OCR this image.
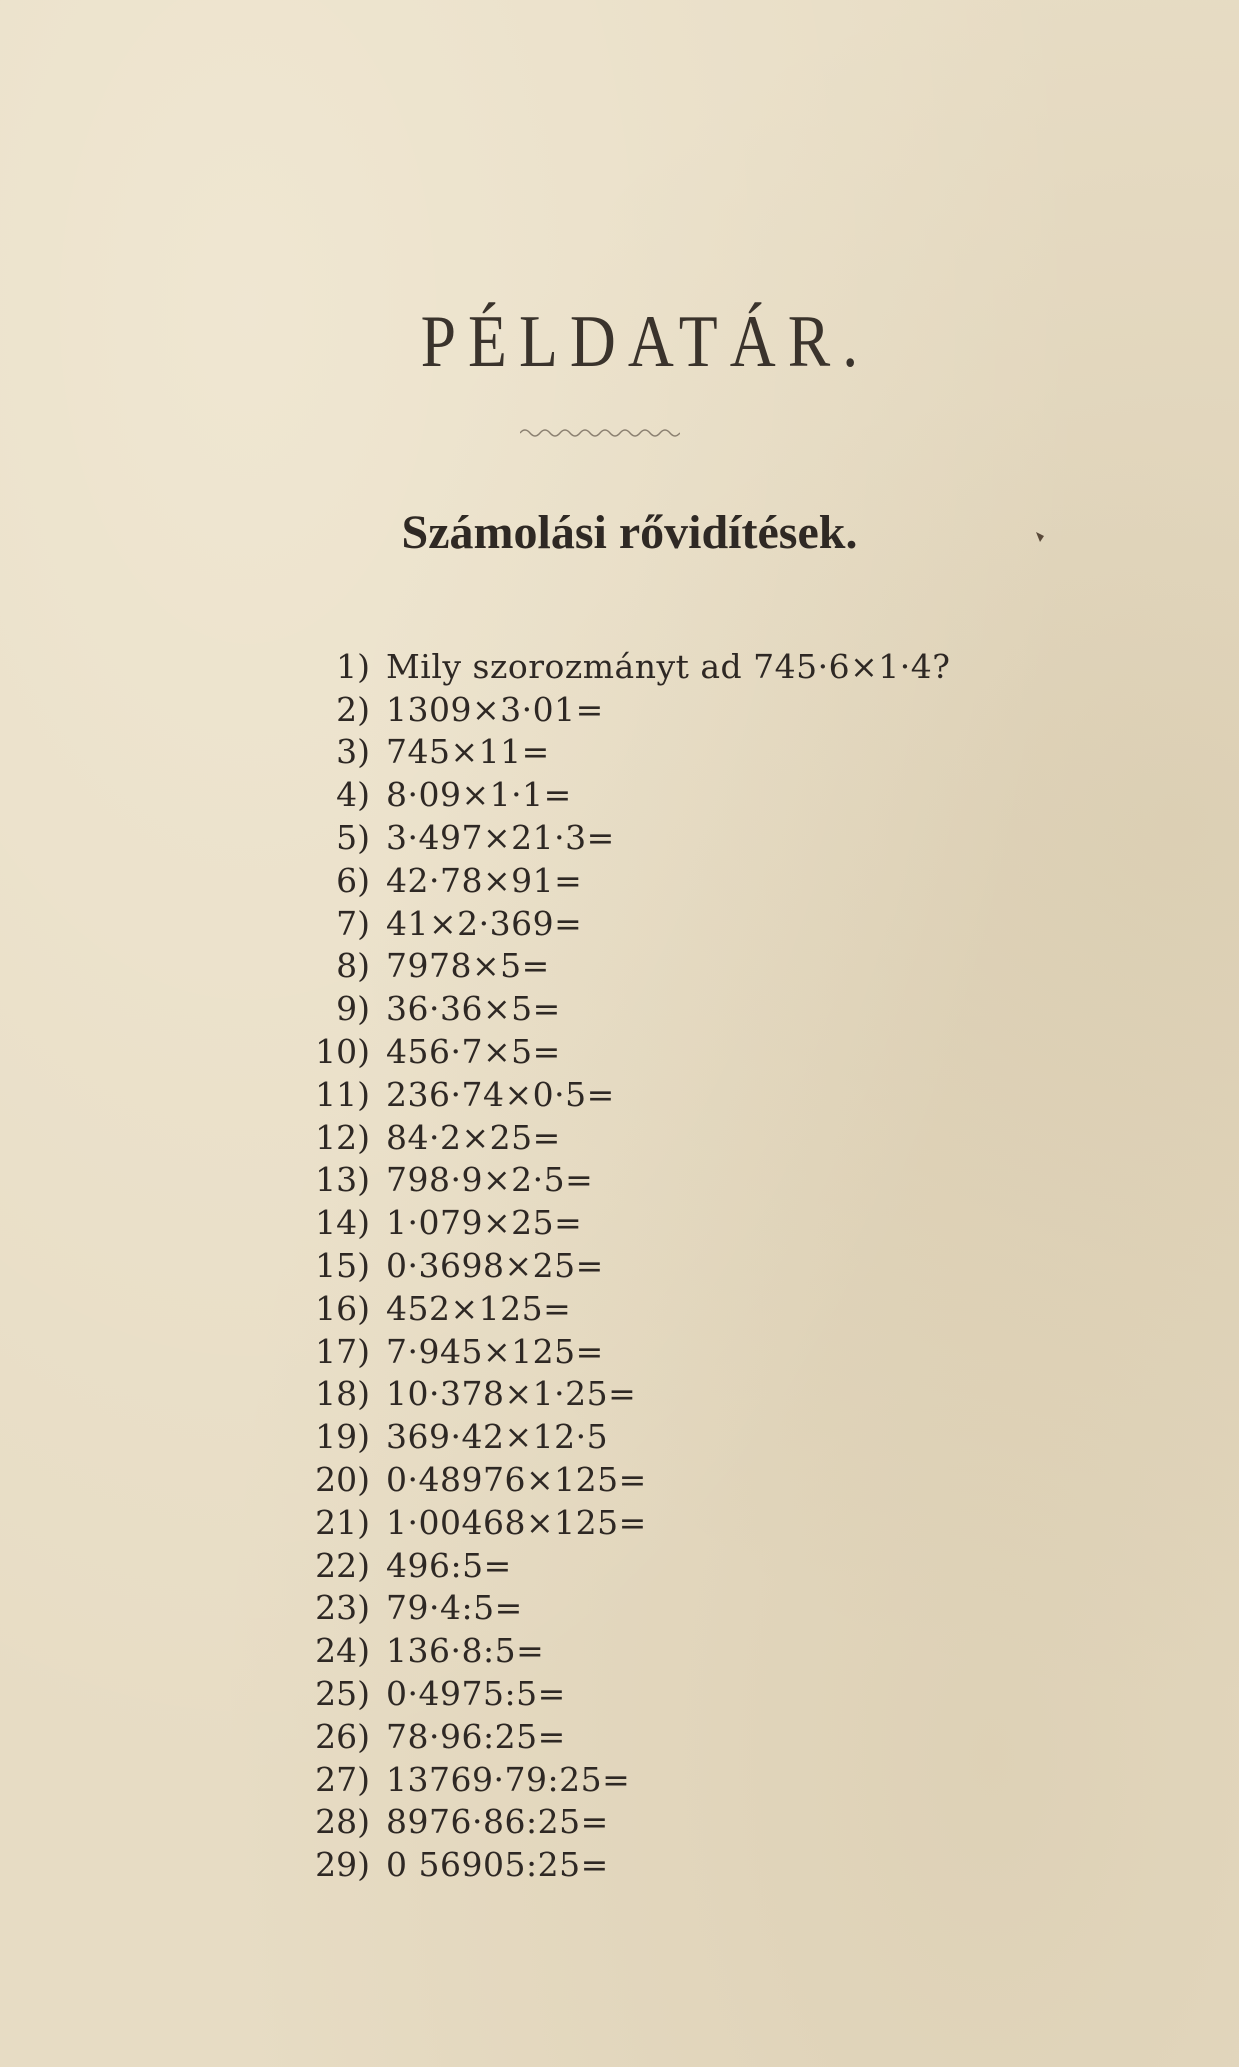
PÉLDATÁR.
Számolási rővidítések.
1) Mily szorozmányt ad 745·6×1·4?
2) 1309×3·01=
3) 745×11=
4) 8·09×1·1=
5) 3·497×21·3=
6) 42·78×91=
7) 41×2·369=
8) 7978×5=
9) 36·36×5=
10) 456·7×5=
11) 236·74×0·5=
12) 84·2×25=
13) 798·9×2·5=
14) 1·079×25=
15) 0·3698×25=
16) 452×125=
17) 7·945×125=
18) 10·378×1·25=
19) 369·42×12·5
20) 0·48976×125=
21) 1·00468×125=
22) 496:5=
23) 79·4:5=
24) 136·8:5=
25) 0·4975:5=
26) 78·96:25=
27) 13769·79:25=
28) 8976·86:25=
29) 0 56905:25=
